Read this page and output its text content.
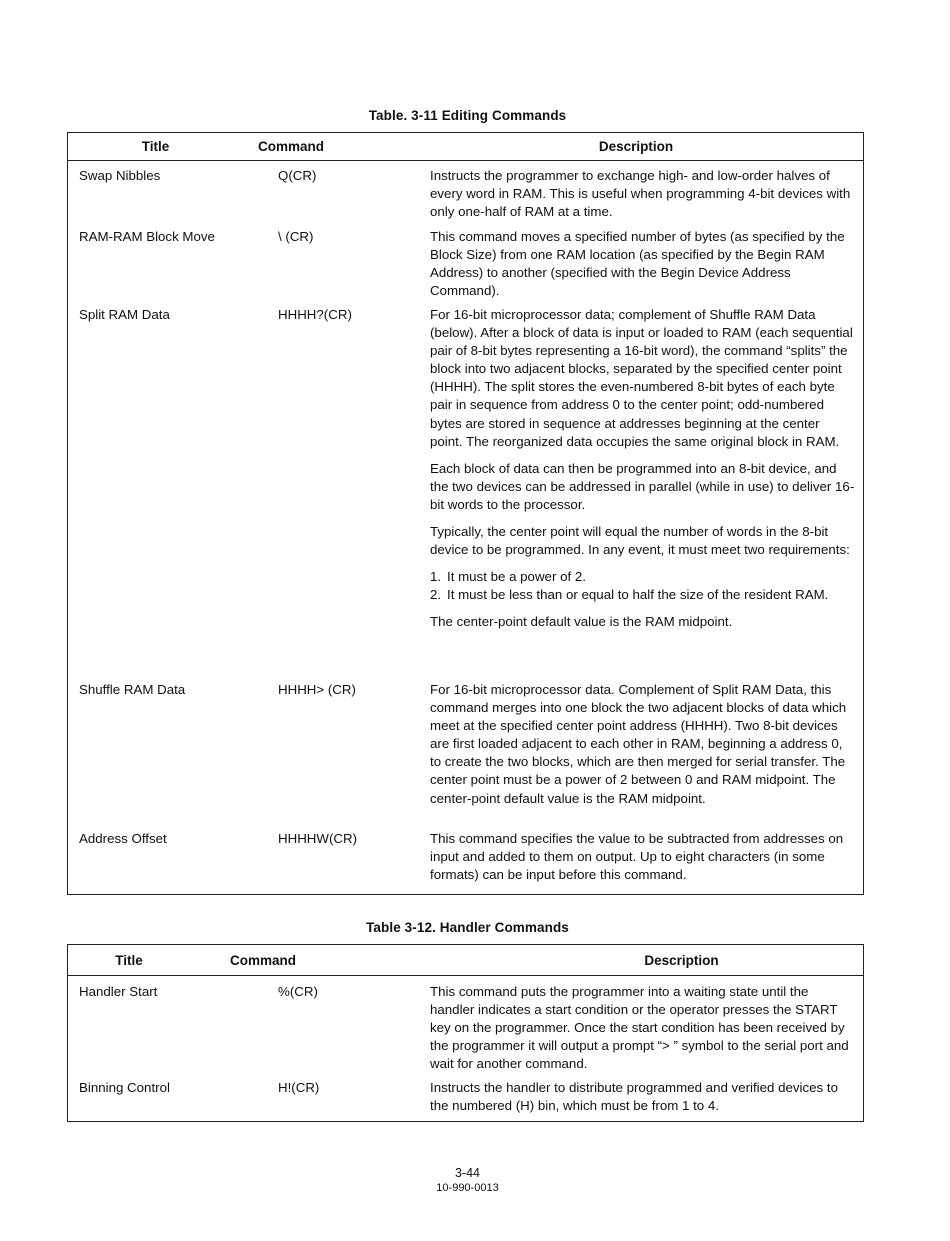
Table. 3-11 Editing Commands
Title	Command	Description
Swap Nibbles	Q(CR)	Instructs the programmer to exchange high- and low-order halves of every word in RAM. This is useful when programming 4-bit devices with only one-half of RAM at a time.

RAM-RAM Block Move	\ (CR)	This command moves a specified number of bytes (as specified by the Block Size) from one RAM location (as specified by the Begin RAM Address) to another (specified with the Begin Device Address Command).

Split RAM Data	HHHH?(CR)	For 16-bit microprocessor data; complement of Shuffle RAM Data (below). After a block of data is input or loaded to RAM (each sequential pair of 8-bit bytes representing a 16-bit word), the command “splits” the block into two adjacent blocks, separated by the specified center point (HHHH). The split stores the even-numbered 8-bit bytes of each byte pair in sequence from address 0 to the center point; odd-numbered bytes are stored in sequence at addresses beginning at the center point. The reorganized data occupies the same original block in RAM.

Each block of data can then be programmed into an 8-bit device, and the two devices can be addressed in parallel (while in use) to deliver 16-bit words to the processor.

Typically, the center point will equal the number of words in the 8-bit device to be programmed. In any event, it must meet two requirements:

1. It must be a power of 2.
2. It must be less than or equal to half the size of the resident RAM.

The center-point default value is the RAM midpoint.

Shuffle RAM Data	HHHH> (CR)	For 16-bit microprocessor data. Complement of Split RAM Data, this command merges into one block the two adjacent blocks of data which meet at the specified center point address (HHHH). Two 8-bit devices are first loaded adjacent to each other in RAM, beginning a address 0, to create the two blocks, which are then merged for serial transfer. The center point must be a power of 2 between 0 and RAM midpoint. The center-point default value is the RAM midpoint.

Address Offset	HHHHW(CR)	This command specifies the value to be subtracted from addresses on input and added to them on output. Up to eight characters (in some formats) can be input before this command.

Table 3-12. Handler Commands
Title	Command	Description
Handler Start	%(CR)	This command puts the programmer into a waiting state until the handler indicates a start condition or the operator presses the START key on the programmer. Once the start condition has been received by the programmer it will output a prompt “> ” symbol to the serial port and wait for another command.

Binning Control	H!(CR)	Instructs the handler to distribute programmed and verified devices to the numbered (H) bin, which must be from 1 to 4.

3-44
10-990-0013
